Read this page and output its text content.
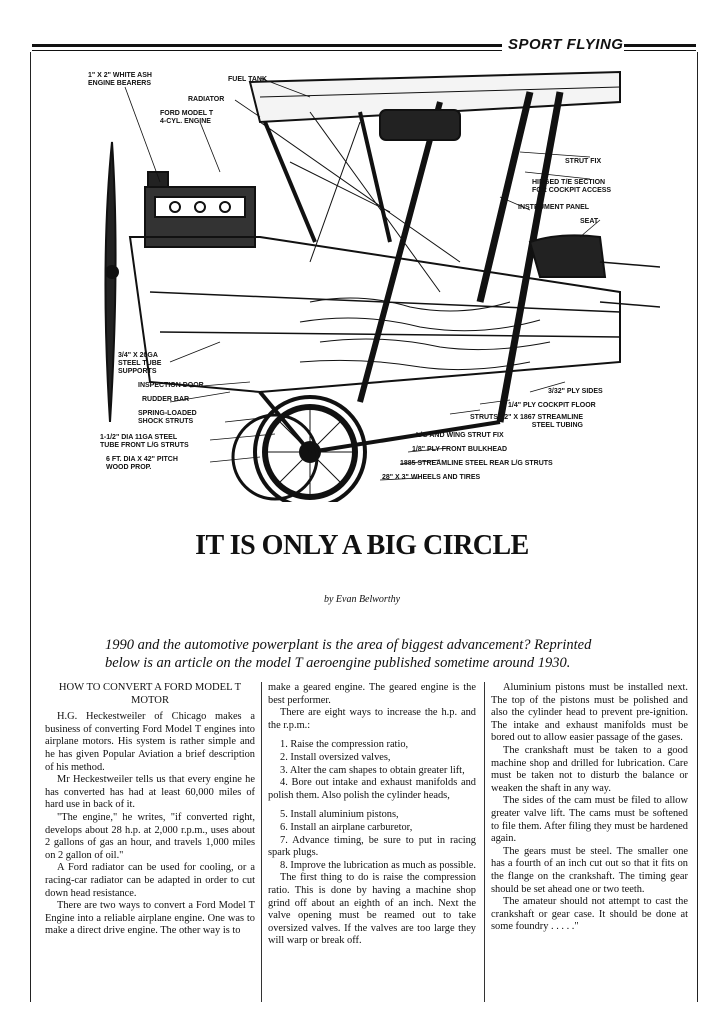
SPORT FLYING
1" X 2" WHITE ASH
ENGINE BEARERS
FUEL TANK
RADIATOR
FORD MODEL T
4-CYL. ENGINE
STRUT FIX
HINGED T/E SECTION
FOR COCKPIT ACCESS
INSTRUMENT PANEL
SEAT
3/4" X 20GA
STEEL TUBE
SUPPORTS
INSPECTION DOOR
RUDDER BAR
SPRING-LOADED
SHOCK STRUTS
1-1/2" DIA 11GA STEEL
TUBE FRONT L/G STRUTS
6 FT. DIA X 42" PITCH
WOOD PROP.
3/32" PLY SIDES
1/4" PLY COCKPIT FLOOR
STRUTS - 2" X 1867 STREAMLINE
STEEL TUBING
L/G AND WING STRUT FIX
1/8" PLY FRONT BULKHEAD
1885 STREAMLINE STEEL REAR L/G STRUTS
28" X 3" WHEELS AND TIRES
IT IS ONLY A BIG CIRCLE
by Evan Belworthy
1990 and the automotive powerplant is the area of biggest advancement? Reprinted below is an article on the model T aeroengine published sometime around 1930.
HOW TO CONVERT A FORD MODEL T MOTOR

H.G. Heckestweiler of Chicago makes a business of converting Ford Model T engines into airplane motors. His system is rather simple and he has given Popular Aviation a brief description of his method.

Mr Heckestweiler tells us that every engine he has converted has had at least 60,000 miles of hard use in back of it.

"The engine," he writes, "if converted right, develops about 28 h.p. at 2,000 r.p.m., uses about 2 gallons of gas an hour, and travels 1,000 miles on 2 gallon of oil."

A Ford radiator can be used for cooling, or a racing-car radiator can be adapted in order to cut down head resistance.

There are two ways to convert a Ford Model T Engine into a reliable airplane engine. One was to make a direct drive engine. The other way is to

make a geared engine. The geared engine is the best performer.

There are eight ways to increase the h.p. and the r.p.m.:

1. Raise the compression ratio,

2. Install oversized valves,

3. Alter the cam shapes to obtain greater lift,

4. Bore out intake and exhaust manifolds and polish them. Also polish the cylinder heads,

5. Install aluminium pistons,

6. Install an airplane carburetor,

7. Advance timing, be sure to put in racing spark plugs.

8. Improve the lubrication as much as possible.

The first thing to do is raise the compression ratio. This is done by having a machine shop grind off about an eighth of an inch. Next the valve opening must be reamed out to take oversized valves. If the valves are too large they will warp or break off.

Aluminium pistons must be installed next. The top of the pistons must be polished and also the cylinder head to prevent pre-ignition. The intake and exhaust manifolds must be bored out to allow easier passage of the gases.

The crankshaft must be taken to a good machine shop and drilled for lubrication. Care must be taken not to disturb the balance or weaken the shaft in any way.

The sides of the cam must be filed to allow greater valve lift. The cams must be softened to file them. After filing they must be hardened again.

The gears must be steel. The smaller one has a fourth of an inch cut out so that it fits on the flange on the crankshaft. The timing gear should be set ahead one or two teeth.

The amateur should not attempt to cast the crankshaft or gear case. It should be done at some foundry . . . . ."
